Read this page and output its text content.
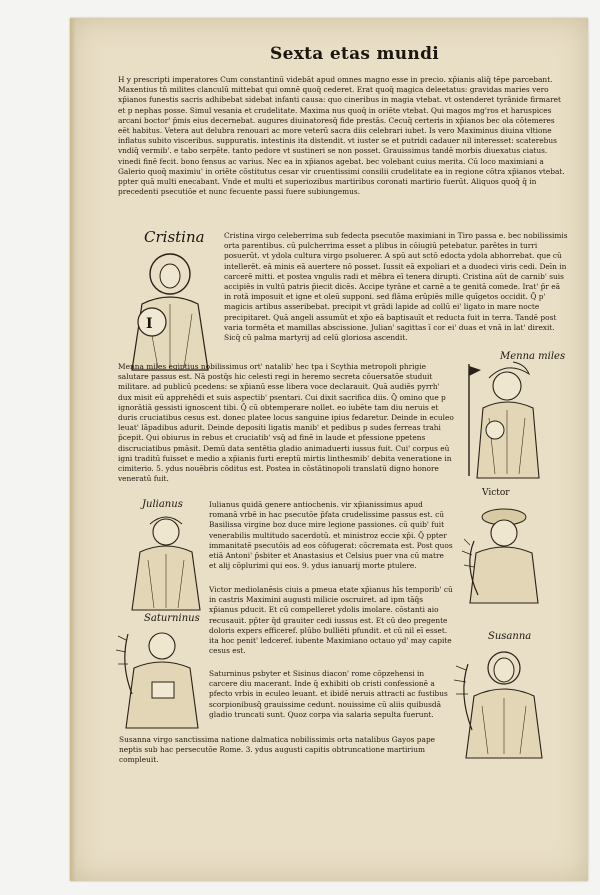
Sexta etas mundi
H y prescripti imperatores Cum constantinū videbāt apud omnes magno esse in precio. xp̄ianis aliq̄ tēpe parcebant. Maxentius tn̄ milites clanculū mittebat qui omnē quoq̄ cederet. Erat quoq̄ magica deleetatus: gravidas maries vero xp̄ianos funestis sacris adhibebat sidebat infanti causa: quo cineribus in magia vtebat. vt ostenderet tyrānide firmaret et p nephas posse. Simul vesania et crudelitate. Maxima nus quoq̄ in oriēte vtebat. Qui magos mg'ros et haruspices arcani boctor' p̄mis eius decernebat. augures diuinatoresq̄ fide prestās. Cecuq̄ certeris in xp̄ianos bec ola cōtemeres eēt habitus. Vetera aut delubra renouari ac more veterū sacra diis celebrari iubet. Is vero Maximinus diuina vltione inflatus subito visceribus. suppuratis. intestinis ita distendit. vt iuster se et putridi cadauer nil interesset: scaterebus vndiq̄ vermib'. e tabo serpēte. tanto pedore vt sustineri se non posset. Grauissimus tandē morbis diuexatus ciatus. vinedi finē fecit. bono fensus ac varius. Nec ea in xp̄ianos agebat. bec volebant cuius merita. Cū loco maximiani a Galerio quoq̄ maximiu' in oriēte cōstitutus cesar vir cruentissimi consilii crudelitate ea in regione cōtra xp̄ianos vtebat. ppter quā multi enecabant. Vnde et multi et superiozibus martiribus coronati martirio fuerūt. Aliquos quoq̄ q̄ in precedenti psecutiōe et nunc fecuente passi fuere subiungemus.
Cristina
I
Cristina virgo celeberrima sub fedecta psecutōe maximiani in Tiro passa e. bec nobilissimis orta parentibus. cū pulcherrima esset a plibus in cōiugiū petebatur. parētes in turri posuerūt. vt ydola cultura virgo psoluerer. A spū aut sctō edocta ydola abhorrebat. que cū intellerēt. eā minis eā auertere nō posset. Iussit eā expoliari et a duodeci viris cedi. Deīn in carcerē mitti. et postea vngulis radi et mēbra eī tenera dirupti. Cristina aūt de carnib' suis accipiēs in vultū patris p̄iecit dicēs. Accipe tyrāne et carnē a te genitā comede. Irat' p̄r eā in rotā imposuit et igne et oleū supponi. sed flāma erūpiēs mille quīgetos occidit. Q̄ p' magicis artibus asseribebat. precipit vt grādi lapide ad collū ei' ligato in mare nocte precipitaret. Quā angeli assumūt et xp̄o eā baptisauīt et reducta fuit in terra. Tandē post varia tormēta et mamillas abscissione. Julian' sagittas ī cor ei' duas et vnā in lat' direxit. Sicq̄ cū palma martyrij ad celū gloriosa ascendit.
Menna miles
Menna miles egiptius nobilissimus ort' natalib' hec tpa i Scythia metropoli phrigie salutare passus est. Nā postq̄s hic celesti regi in heremo secreta cōuersatōe studuit militare. ad publicū pcedens: se xp̄ianū esse libera voce declarauit. Quā audiēs pyrrh' dux misit eū apprehēdi et suis aspectib' psentari. Cui dixit sacrifica diis. Q̄ omino que p ignorātiā gessisti ignoscent tibi. Q̄ cū obtemperare nollet. eo iubēte tam diu neruis et duris cruciatibus cesus est. donec platee locus sanguine ipius fedaretur. Deinde in eculeo leuat' lāpadibus adurit. Deinde depositi ligatis manib' et pedibus p sudes ferreas trahi p̄cepit. Qui obiurus in rebus et cruciatib' vsq̄ ad finē in laude et pfessione ppetens discruciatibus pmāsit. Demū data sentētia gladio animaduerti iussus fuit. Cui' corpus eū igni traditū fuisset e medio a xp̄ianis furti ereptū mirtis linthesmib' debita veneratione in cimiterio. 5. ydus nouēbris cōditus est. Postea in cōstātinopoli translatū digno honore veneratū fuit.
Victor
Julianus	Iulianus quidā genere antiochenis. vir xp̄ianissimus apud romanā vrbē in hac psecutōe p̄fata crudelissime passus est. cū Basilissa virgine boz duce mire legione passiones. cū quib' fuit venerabilis multitudo sacerdotū. et ministroz eccie xp̄i. Q̄ ppter immanitatē psecutōis ad eos cōfugerat: cōcremata est. Post quos etiā Antoni' p̄sbiter et Anastasius et Celsius puer vna cū matre et alij cōplurimi qui eos. 9. ydus ianuarij morte ptulere.
Victor mediolanēsis ciuis a pmeua etate xp̄ianus hīs temporib' cū in castris Maximini augusti milicie oscruiret. ad ipm tāq̄s xp̄ianus pducit. Et cū compelleret ydolis imolare. cōstanti aio recusauit. pp̄ter q̄d grauiter cedi iussus est. Et cū deo pregente doloris expers efficeref. plūbo bulliēti pfundit. et cū nil eī esset. ita hoc penit' ledceref. iubente Maximiano octauo yd' may capite cesus est.
Saturninus
Saturninus psbyter et Sisinus diacon' rome cōpzehensi in carcere diu macerant. Inde q̄ exhibiti ob cristi confessionē a pfecto vrbis in eculeo leuant. et ibidē neruis attracti ac fustibus scorpionibusq̄ grauissime cedunt. nouissime cū aliis quibusdā gladio truncati sunt. Quoz corpa via salaria sepulta fuerunt.
Susanna
Susanna virgo sanctissima natione dalmatica nobilissimis orta natalibus Gayos pape neptis sub hac persecutōe Rome. 3. ydus augusti capitis obtruncatione martirium compleuit.
